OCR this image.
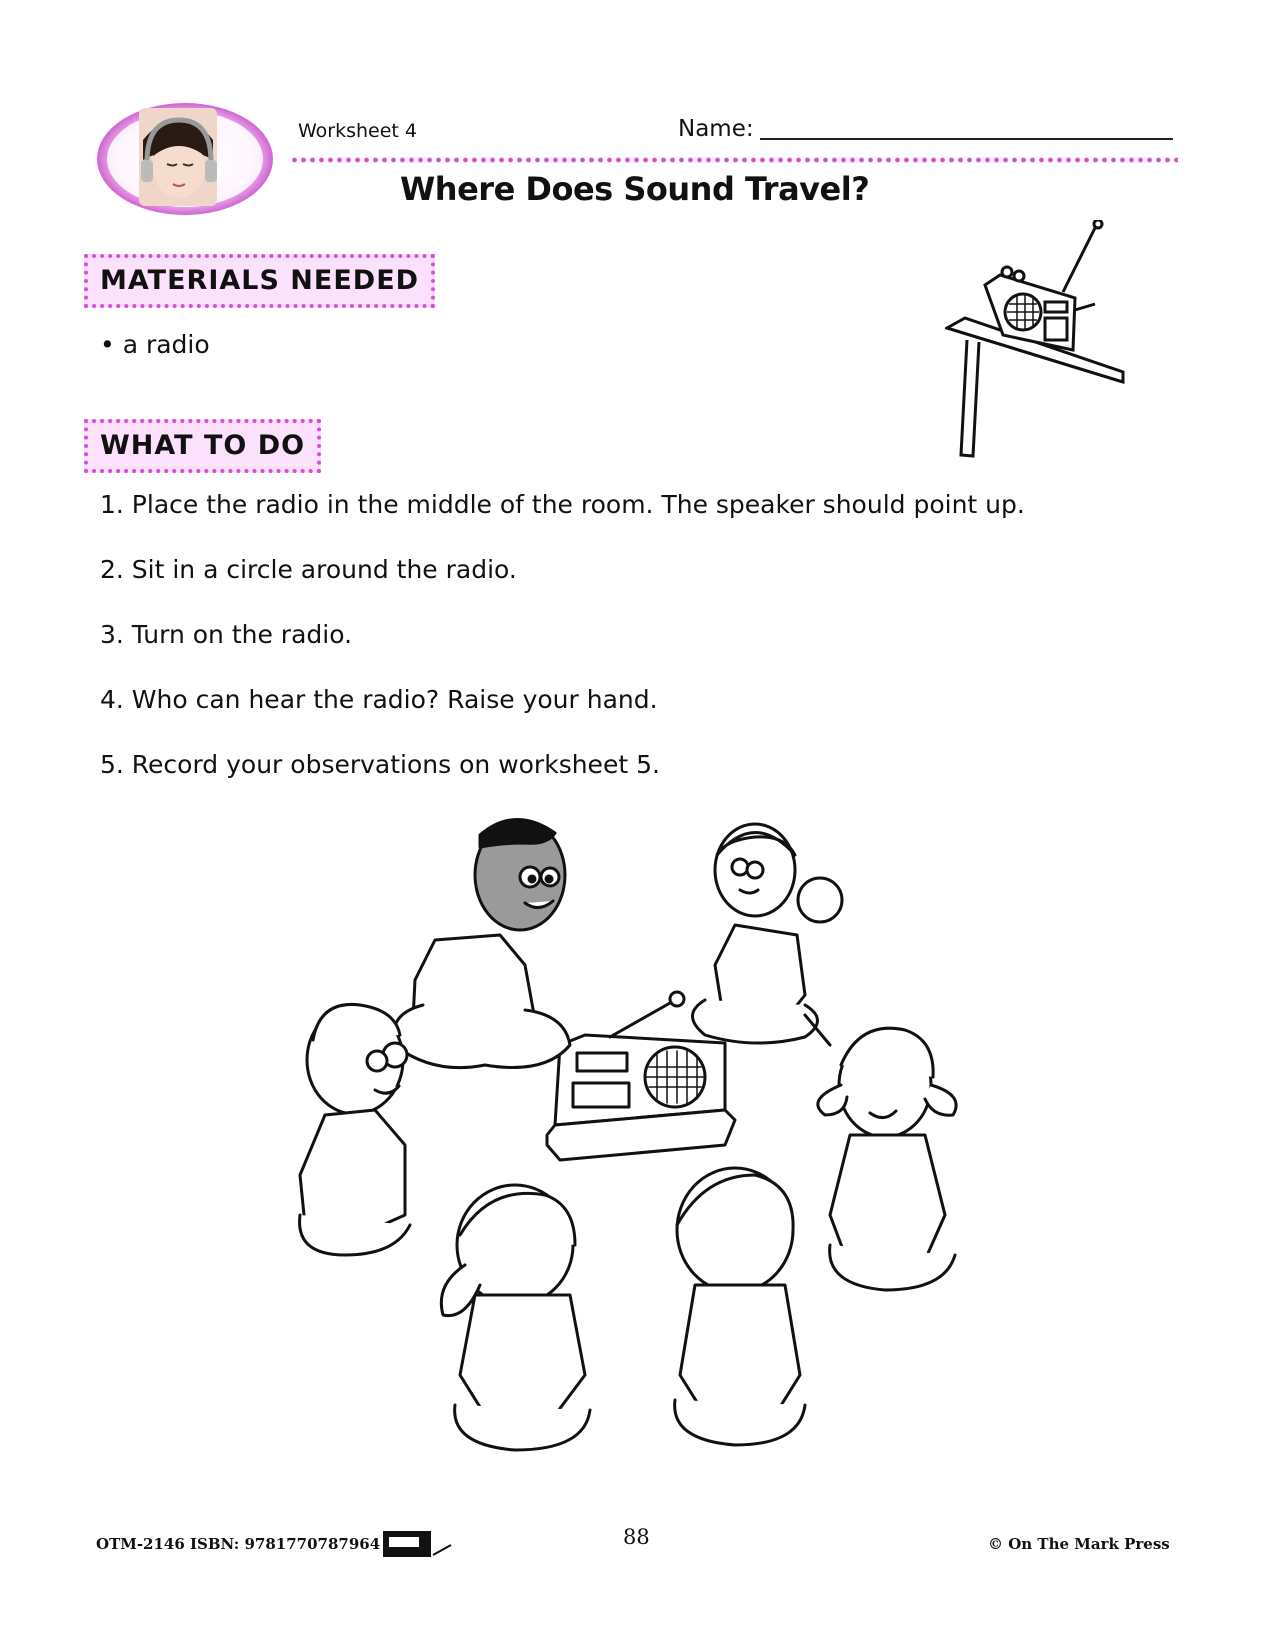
Worksheet 4	Name:
Where Does Sound Travel?
MATERIALS NEEDED
• a radio
WHAT TO DO
1. Place the radio in the middle of the room. The speaker should point up.
2. Sit in a circle around the radio.
3. Turn on the radio.
4. Who can hear the radio? Raise your hand.
5. Record your observations on worksheet 5.
OTM-2146 ISBN: 9781770787964	88	© On The Mark Press
